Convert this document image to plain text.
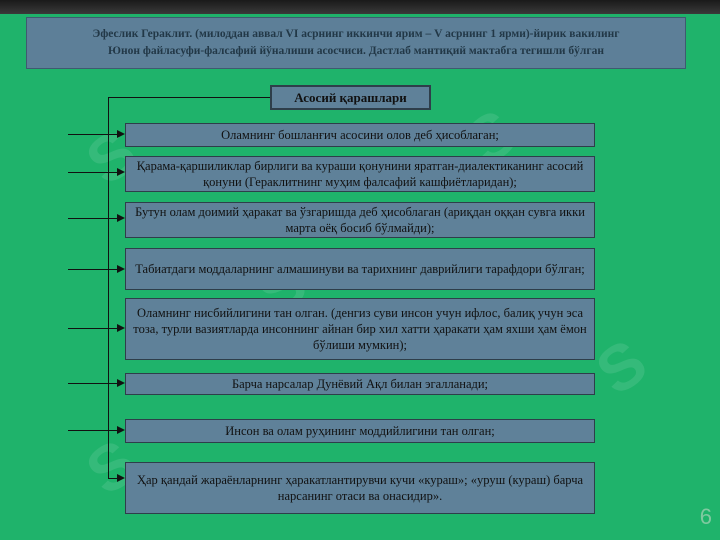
S
S
S
Эфеслик Гераклит. (милоддан аввал VI асрнинг иккинчи ярим – V асрнинг 1 ярми)-йирик вакилинг
Юнон файласуфи-фалсафий йўналиши асосчиси. Дастлаб мантиқий мактабга тегишли бўлган
Асосий қарашлари
Оламнинг бошланғич асосини олов деб ҳисоблаган;
Қарама-қаршиликлар бирлиги ва кураши қонунини яратган-диалектиканинг асосий қонуни (Гераклитнинг муҳим фалсафий кашфиётларидан);
Бутун олам доимий ҳаракат ва ўзгаришда деб ҳисоблаган (ариқдан оққан сувга икки марта оёқ босиб бўлмайди);
Табиатдаги моддаларнинг алмашинуви ва тарихнинг даврийлиги тарафдори бўлган;
Оламнинг нисбийлигини тан олган. (денгиз суви инсон учун ифлос, балиқ учун эса тоза, турли вазиятларда инсоннинг айнан бир хил хатти ҳаракати ҳам яхши ҳам ёмон бўлиши мумкин);
Барча нарсалар Дунёвий Ақл билан эгалланади;
Инсон ва олам руҳининг моддийлигини тан олган;
Ҳар қандай жараёнларнинг ҳаракатлантирувчи кучи «кураш»; «уруш (кураш) барча нарсанинг отаси ва онасидир».
6
